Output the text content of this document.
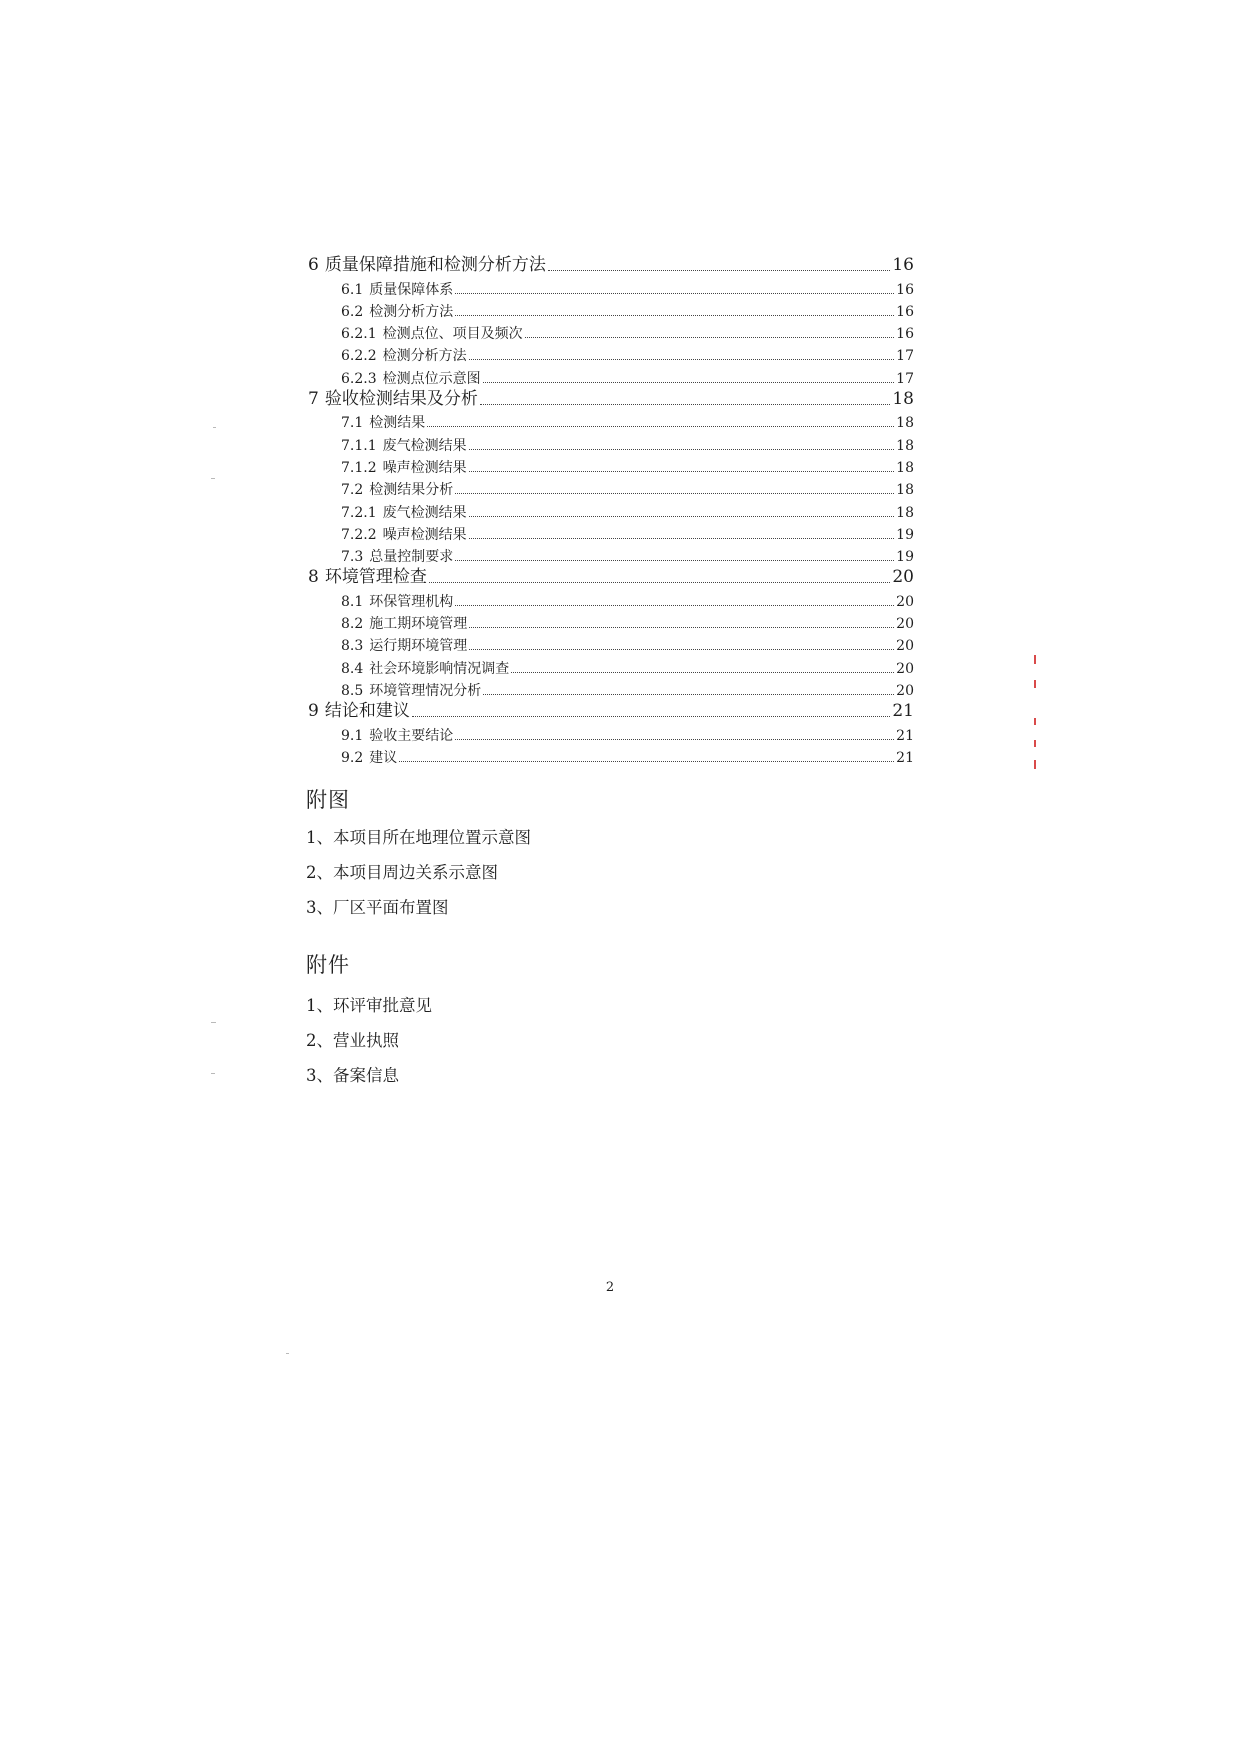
6 质量保障措施和检测分析方法	16
6.1 质量保障体系	16
6.2 检测分析方法	16
6.2.1 检测点位、项目及频次	16
6.2.2 检测分析方法	17
6.2.3 检测点位示意图	17
7 验收检测结果及分析	18
7.1 检测结果	18
7.1.1 废气检测结果	18
7.1.2 噪声检测结果	18
7.2 检测结果分析	18
7.2.1 废气检测结果	18
7.2.2 噪声检测结果	19
7.3 总量控制要求	19
8 环境管理检查	20
8.1 环保管理机构	20
8.2 施工期环境管理	20
8.3 运行期环境管理	20
8.4 社会环境影响情况调查	20
8.5 环境管理情况分析	20
9 结论和建议	21
9.1 验收主要结论	21
9.2 建议	21
附图
1、本项目所在地理位置示意图
2、本项目周边关系示意图
3、厂区平面布置图
附件
1、环评审批意见
2、营业执照
3、备案信息
2
